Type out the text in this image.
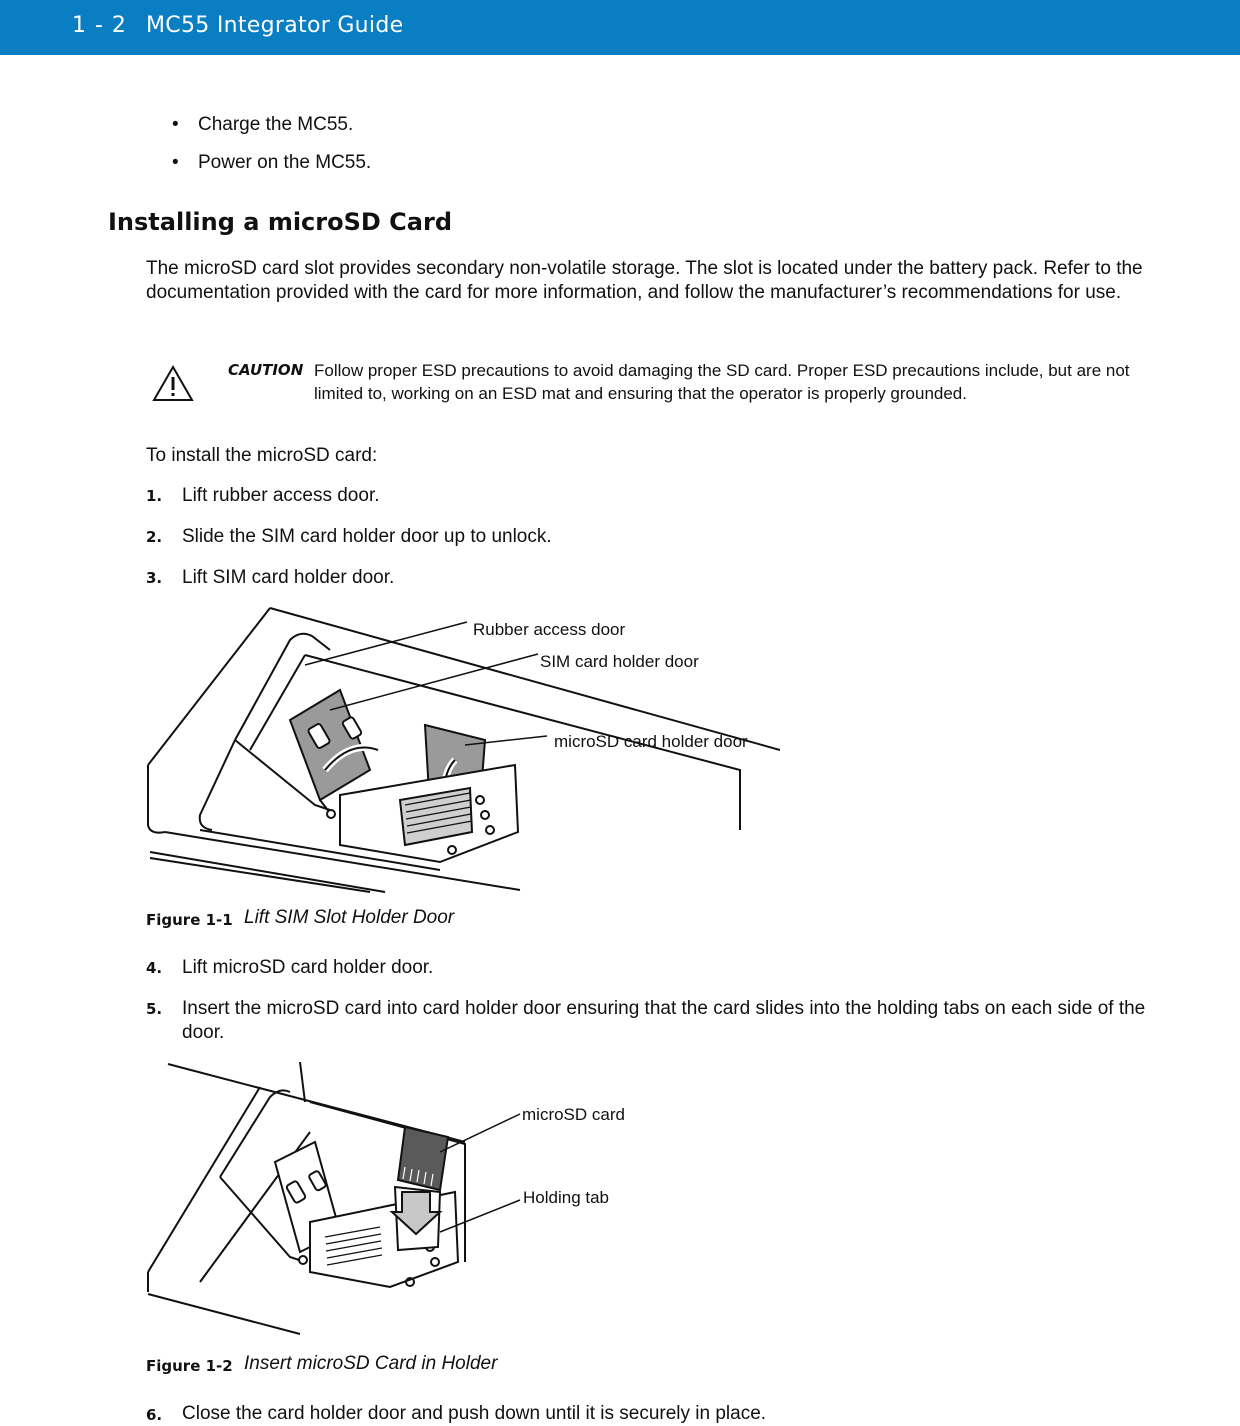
1 - 2 MC55 Integrator Guide
• Charge the MC55.
• Power on the MC55.
Installing a microSD Card
The microSD card slot provides secondary non-volatile storage. The slot is located under the battery pack. Refer to the documentation provided with the card for more information, and follow the manufacturer’s recommendations for use.
CAUTION Follow proper ESD precautions to avoid damaging the SD card. Proper ESD precautions include, but are not limited to, working on an ESD mat and ensuring that the operator is properly grounded.
To install the microSD card:
1. Lift rubber access door.
2. Slide the SIM card holder door up to unlock.
3. Lift SIM card holder door.
Rubber access door
SIM card holder door
microSD card holder door
Figure 1-1 Lift SIM Slot Holder Door
4. Lift microSD card holder door.
5. Insert the microSD card into card holder door ensuring that the card slides into the holding tabs on each side of the door.
microSD card
Holding tab
Figure 1-2 Insert microSD Card in Holder
6. Close the card holder door and push down until it is securely in place.
